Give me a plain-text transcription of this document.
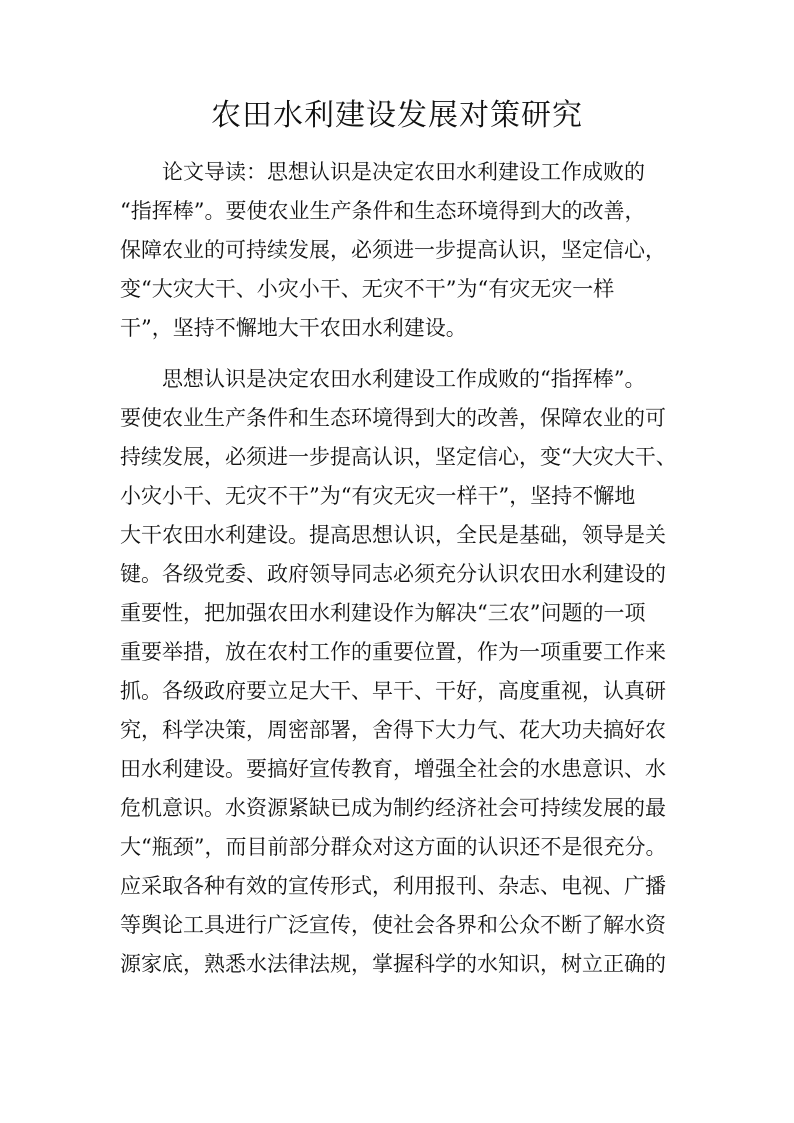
农田水利建设发展对策研究
论文导读：思想认识是决定农田水利建设工作成败的
“指挥棒”。要使农业生产条件和生态环境得到大的改善，
保障农业的可持续发展，必须进一步提高认识，坚定信心，
变“大灾大干、小灾小干、无灾不干”为“有灾无灾一样
干”，坚持不懈地大干农田水利建设。
思想认识是决定农田水利建设工作成败的“指挥棒”。
要使农业生产条件和生态环境得到大的改善，保障农业的可
持续发展，必须进一步提高认识，坚定信心，变“大灾大干、
小灾小干、无灾不干”为“有灾无灾一样干”，坚持不懈地
大干农田水利建设。提高思想认识，全民是基础，领导是关
键。各级党委、政府领导同志必须充分认识农田水利建设的
重要性，把加强农田水利建设作为解决“三农”问题的一项
重要举措，放在农村工作的重要位置，作为一项重要工作来
抓。各级政府要立足大干、早干、干好，高度重视，认真研
究，科学决策，周密部署，舍得下大力气、花大功夫搞好农
田水利建设。要搞好宣传教育，增强全社会的水患意识、水
危机意识。水资源紧缺已成为制约经济社会可持续发展的最
大“瓶颈”，而目前部分群众对这方面的认识还不是很充分。
应采取各种有效的宣传形式，利用报刊、杂志、电视、广播
等舆论工具进行广泛宣传，使社会各界和公众不断了解水资
源家底，熟悉水法律法规，掌握科学的水知识，树立正确的
